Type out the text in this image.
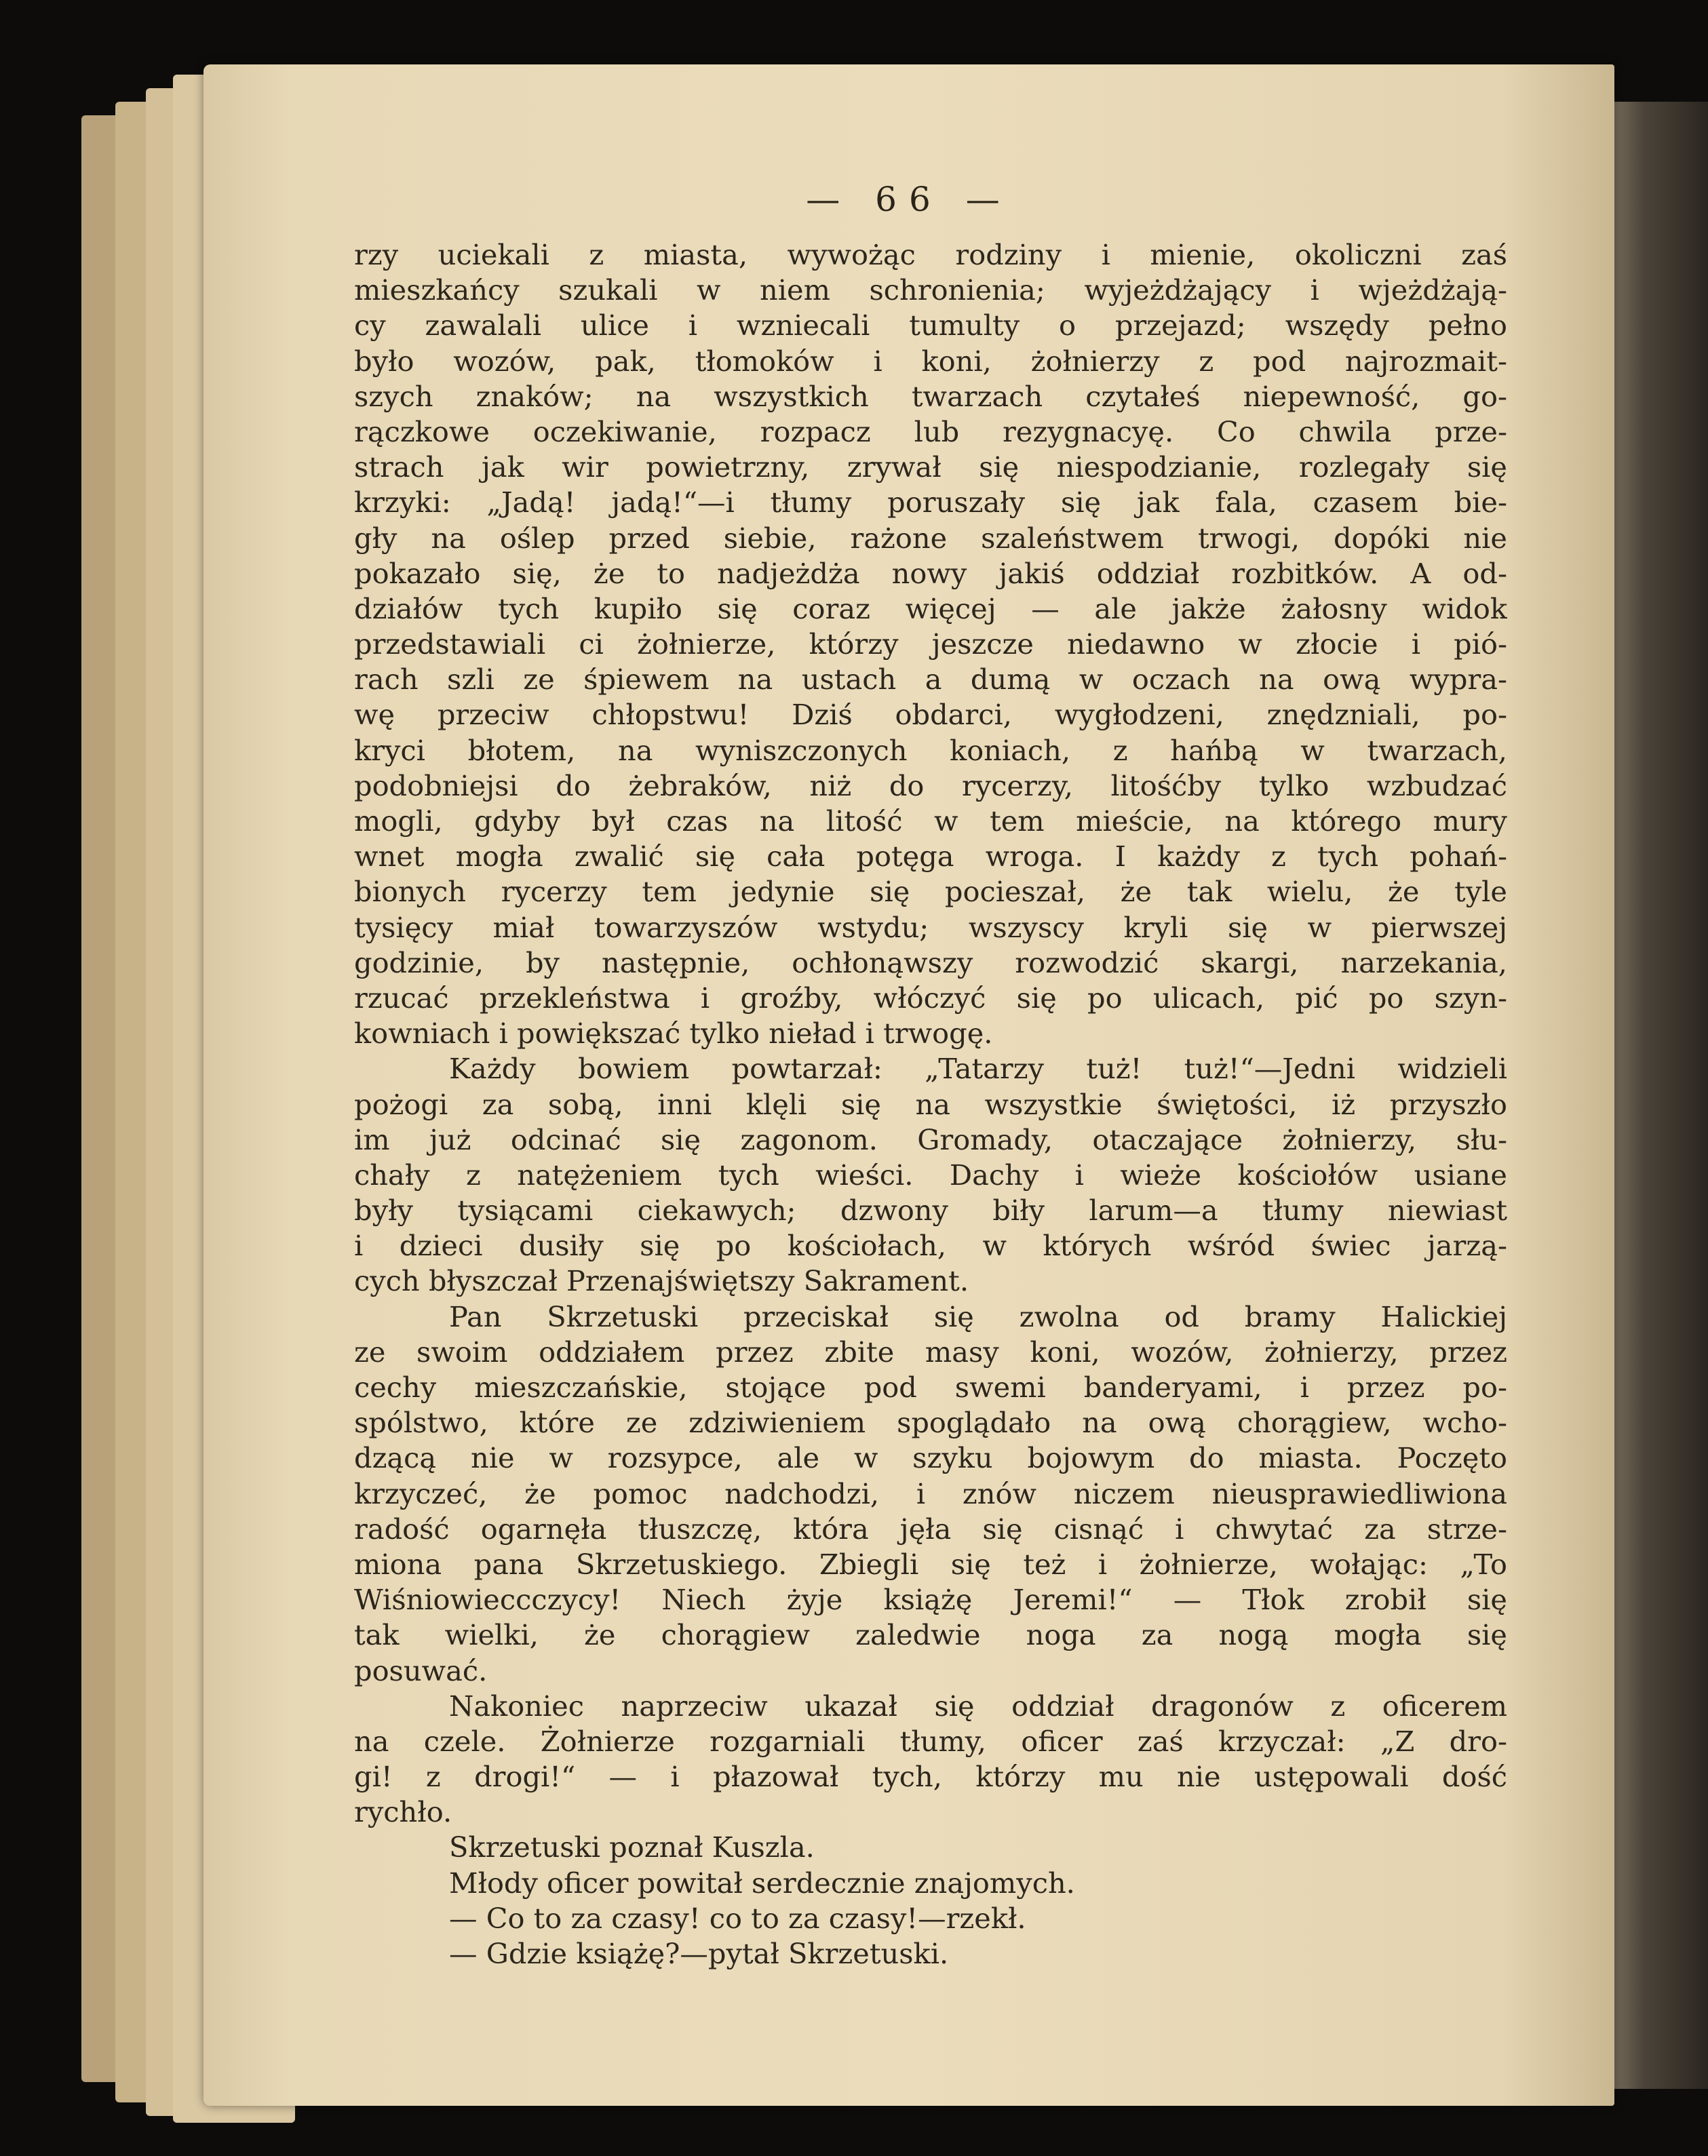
— 66 —
rzy uciekali z miasta, wywożąc rodziny i mienie, okoliczni zaś
mieszkańcy szukali w niem schronienia; wyjeżdżający i wjeżdżają-
cy zawalali ulice i wzniecali tumulty o przejazd; wszędy pełno
było wozów, pak, tłomoków i koni, żołnierzy z pod najrozmait-
szych znaków; na wszystkich twarzach czytałeś niepewność, go-
rączkowe oczekiwanie, rozpacz lub rezygnacyę. Co chwila prze-
strach jak wir powietrzny, zrywał się niespodzianie, rozlegały się
krzyki: „Jadą! jadą!“—i tłumy poruszały się jak fala, czasem bie-
gły na oślep przed siebie, rażone szaleństwem trwogi, dopóki nie
pokazało się, że to nadjeżdża nowy jakiś oddział rozbitków. A od-
działów tych kupiło się coraz więcej — ale jakże żałosny widok
przedstawiali ci żołnierze, którzy jeszcze niedawno w złocie i pió-
rach szli ze śpiewem na ustach a dumą w oczach na ową wypra-
wę przeciw chłopstwu! Dziś obdarci, wygłodzeni, znędzniali, po-
kryci błotem, na wyniszczonych koniach, z hańbą w twarzach,
podobniejsi do żebraków, niż do rycerzy, litośćby tylko wzbudzać
mogli, gdyby był czas na litość w tem mieście, na którego mury
wnet mogła zwalić się cała potęga wroga. I każdy z tych pohań-
bionych rycerzy tem jedynie się pocieszał, że tak wielu, że tyle
tysięcy miał towarzyszów wstydu; wszyscy kryli się w pierwszej
godzinie, by następnie, ochłonąwszy rozwodzić skargi, narzekania,
rzucać przekleństwa i groźby, włóczyć się po ulicach, pić po szyn-
kowniach i powiększać tylko nieład i trwogę.
Każdy bowiem powtarzał: „Tatarzy tuż! tuż!“—Jedni widzieli
pożogi za sobą, inni klęli się na wszystkie świętości, iż przyszło
im już odcinać się zagonom. Gromady, otaczające żołnierzy, słu-
chały z natężeniem tych wieści. Dachy i wieże kościołów usiane
były tysiącami ciekawych; dzwony biły larum—a tłumy niewiast
i dzieci dusiły się po kościołach, w których wśród świec jarzą-
cych błyszczał Przenajświętszy Sakrament.
Pan Skrzetuski przeciskał się zwolna od bramy Halickiej
ze swoim oddziałem przez zbite masy koni, wozów, żołnierzy, przez
cechy mieszczańskie, stojące pod swemi banderyami, i przez po-
spólstwo, które ze zdziwieniem spoglądało na ową chorągiew, wcho-
dzącą nie w rozsypce, ale w szyku bojowym do miasta. Poczęto
krzyczeć, że pomoc nadchodzi, i znów niczem nieusprawiedliwiona
radość ogarnęła tłuszczę, która jęła się cisnąć i chwytać za strze-
miona pana Skrzetuskiego. Zbiegli się też i żołnierze, wołając: „To
Wiśniowieccczycy! Niech żyje książę Jeremi!“ — Tłok zrobił się
tak wielki, że chorągiew zaledwie noga za nogą mogła się
posuwać.
Nakoniec naprzeciw ukazał się oddział dragonów z oficerem
na czele. Żołnierze rozgarniali tłumy, oficer zaś krzyczał: „Z dro-
gi! z drogi!“ — i płazował tych, którzy mu nie ustępowali dość
rychło.
Skrzetuski poznał Kuszla.
Młody oficer powitał serdecznie znajomych.
— Co to za czasy! co to za czasy!—rzekł.
— Gdzie książę?—pytał Skrzetuski.
